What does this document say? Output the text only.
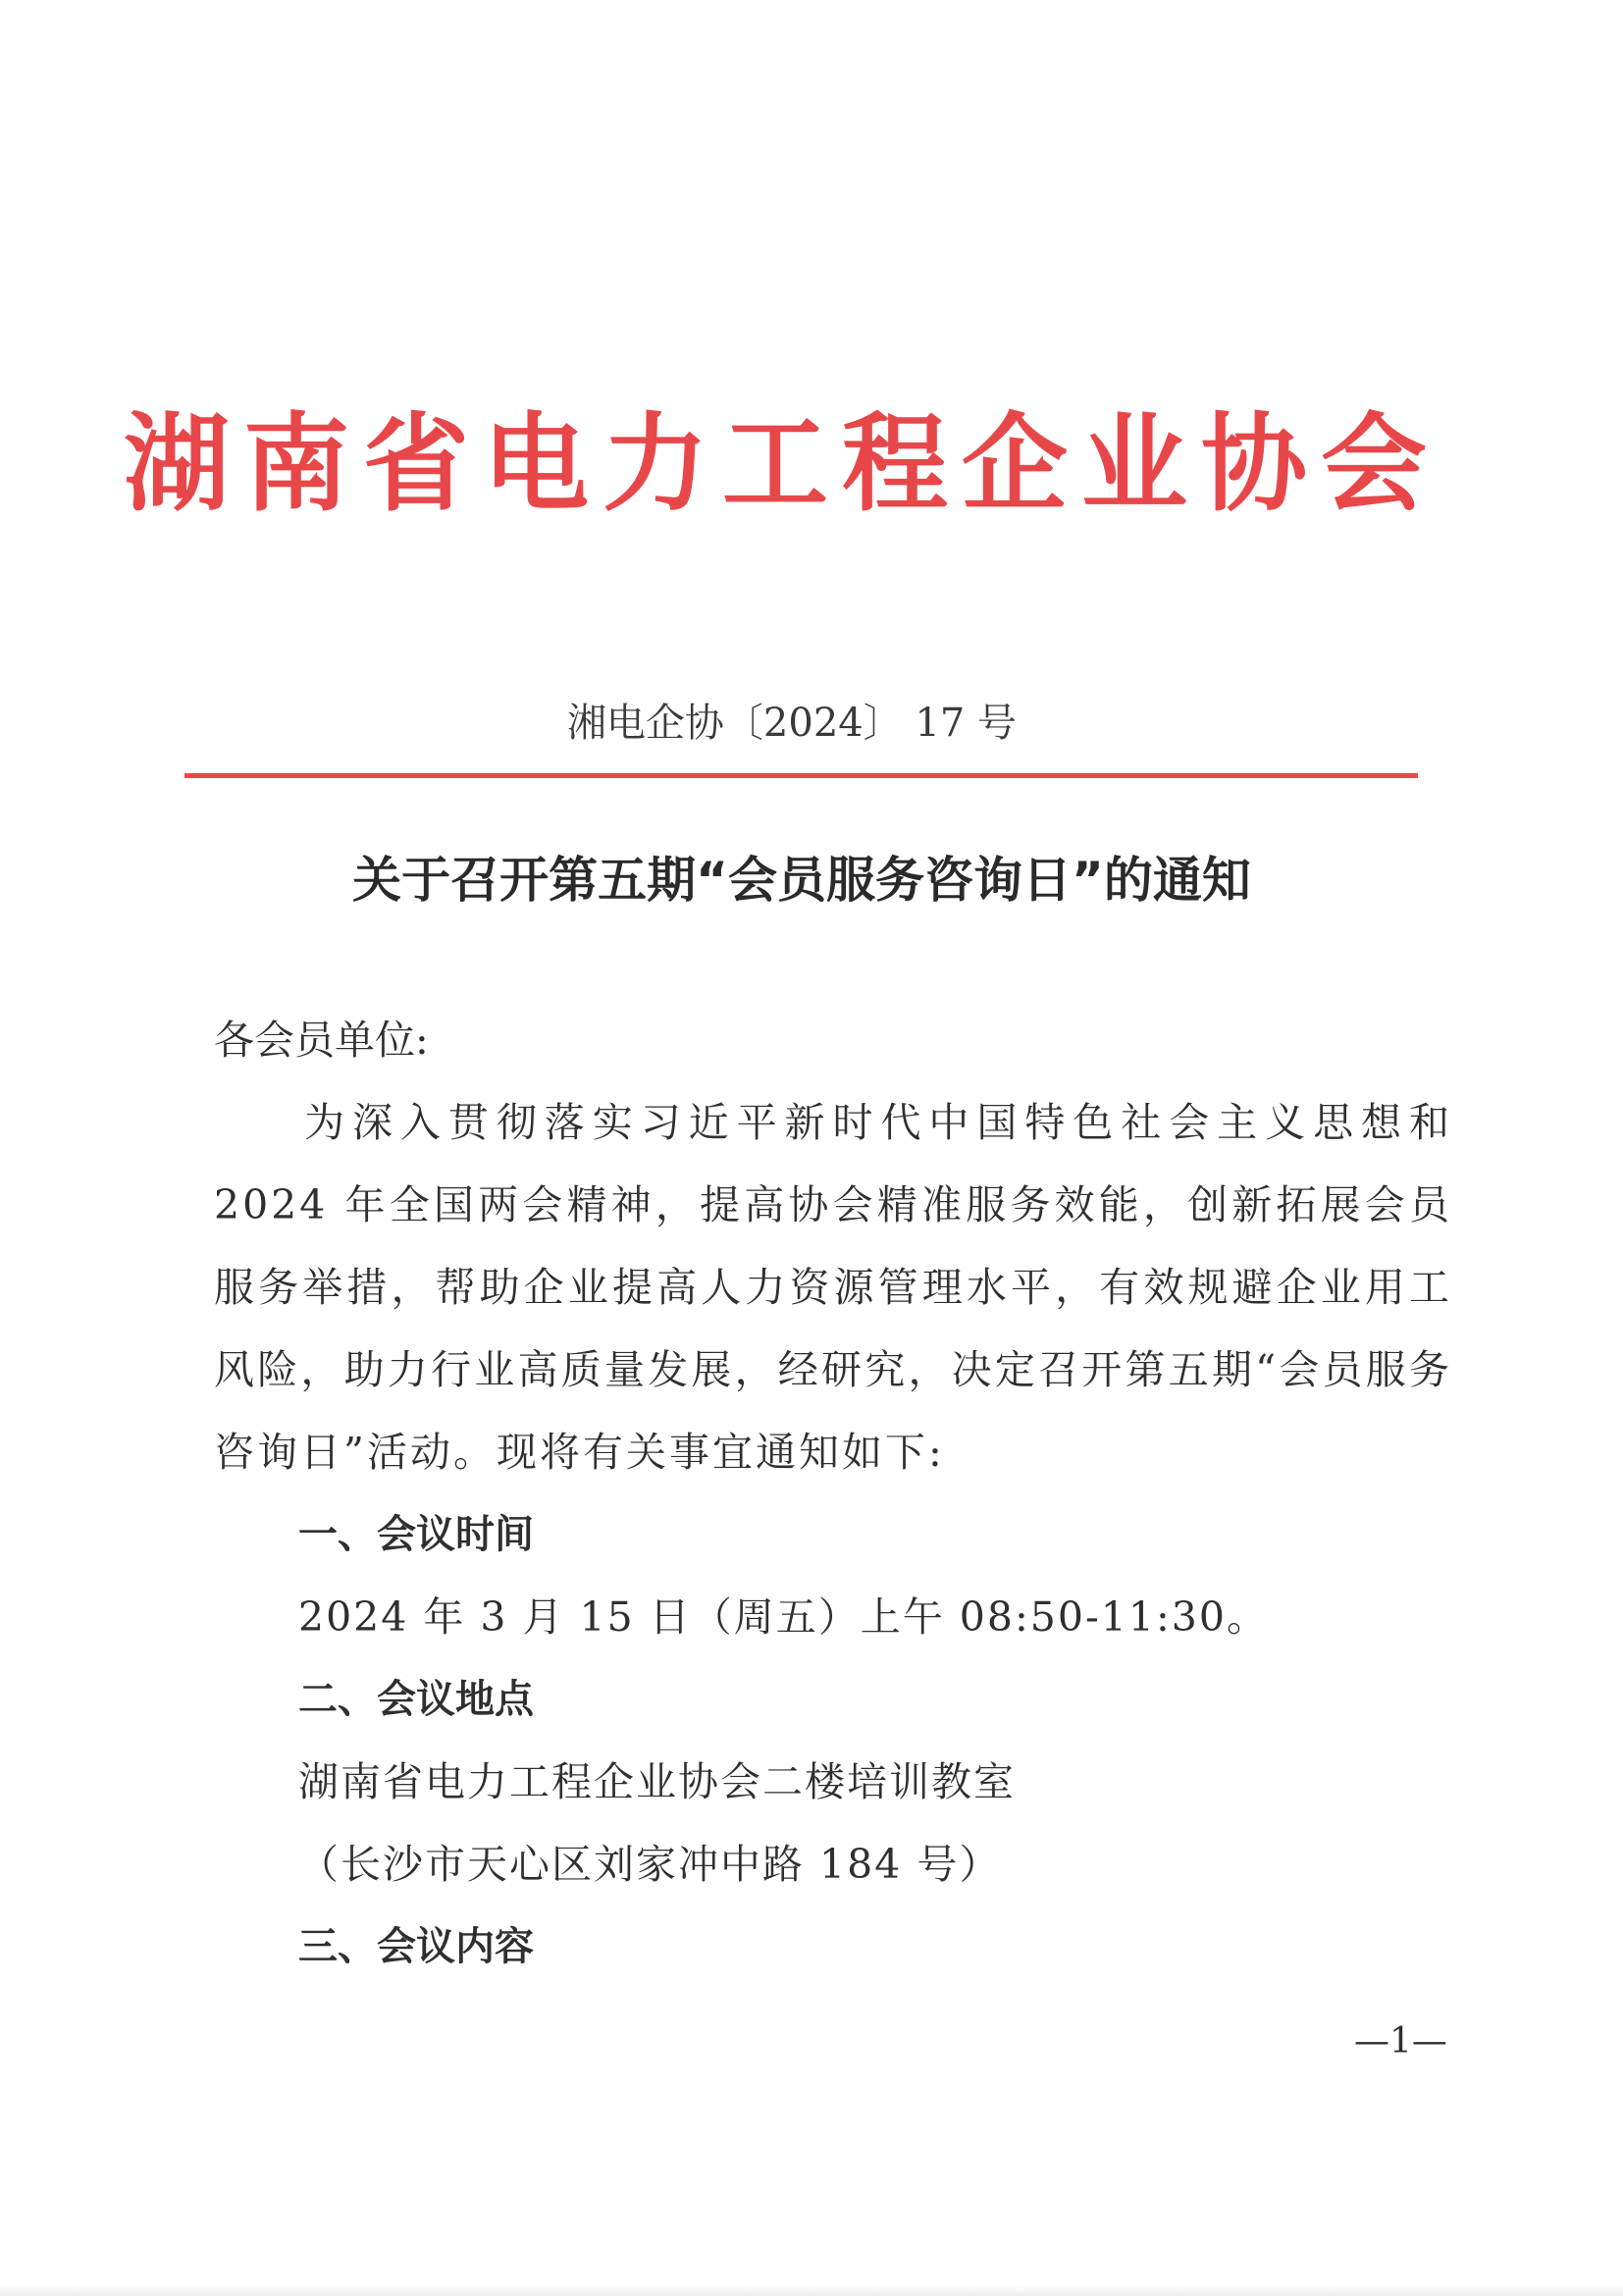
湖南省电力工程企业协会
湘电企协〔2024〕 17 号
关于召开第五期“会员服务咨询日”的通知

各会员单位:

为深入贯彻落实习近平新时代中国特色社会主义思想和 2024 年全国两会精神，提高协会精准服务效能，创新拓展会员服务举措，帮助企业提高人力资源管理水平，有效规避企业用工风险，助力行业高质量发展，经研究，决定召开第五期“会员服务咨询日”活动。现将有关事宜通知如下:

一、会议时间

2024 年 3 月 15 日（周五）上午 08:50-11:30。

二、会议地点

湖南省电力工程企业协会二楼培训教室

（长沙市天心区刘家冲中路 184 号）

三、会议内容

—1—
